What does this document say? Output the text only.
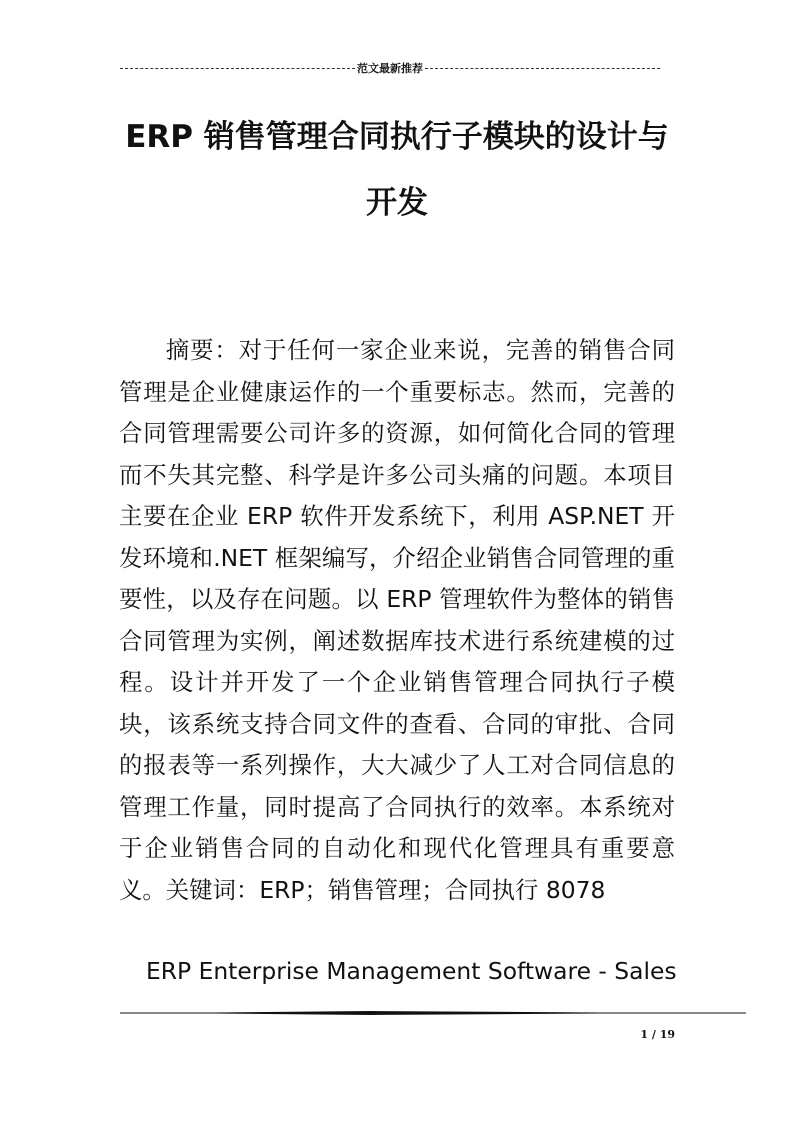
范文最新推荐
ERP 销售管理合同执行子模块的设计与开发

摘要：对于任何一家企业来说，完善的销售合同管理是企业健康运作的一个重要标志。然而，完善的合同管理需要公司许多的资源，如何简化合同的管理而不失其完整、科学是许多公司头痛的问题。本项目主要在企业 ERP 软件开发系统下，利用 ASP.NET 开发环境和.NET 框架编写，介绍企业销售合同管理的重要性，以及存在问题。以 ERP 管理软件为整体的销售合同管理为实例，阐述数据库技术进行系统建模的过程。设计并开发了一个企业销售管理合同执行子模块，该系统支持合同文件的查看、合同的审批、合同的报表等一系列操作，大大减少了人工对合同信息的管理工作量，同时提高了合同执行的效率。本系统对于企业销售合同的自动化和现代化管理具有重要意义。关键词：ERP；销售管理；合同执行 8078

ERP Enterprise Management Software - Sales

1 / 19
